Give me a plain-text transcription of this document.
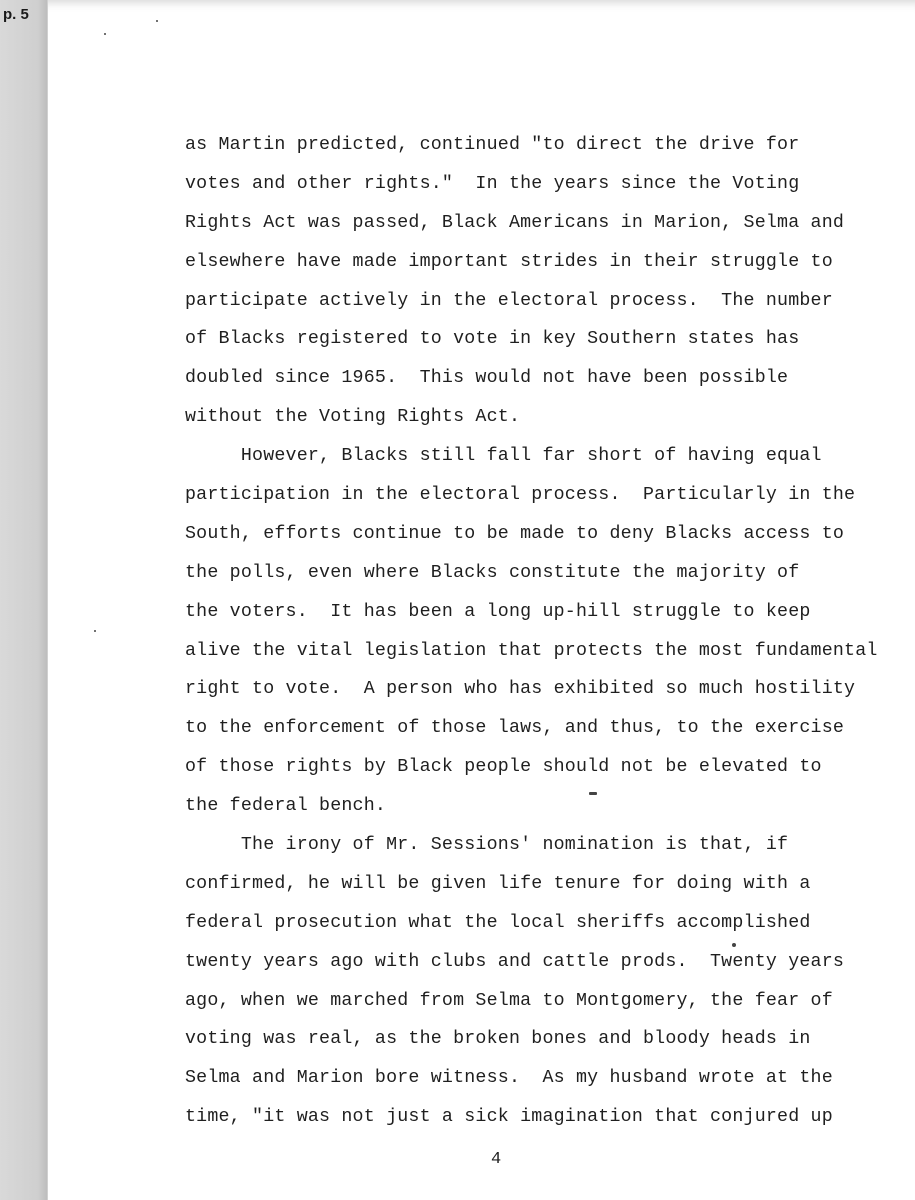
p. 5
as Martin predicted, continued "to direct the drive for
votes and other rights."  In the years since the Voting
Rights Act was passed, Black Americans in Marion, Selma and
elsewhere have made important strides in their struggle to
participate actively in the electoral process.  The number
of Blacks registered to vote in key Southern states has
doubled since 1965.  This would not have been possible
without the Voting Rights Act.
However, Blacks still fall far short of having equal
participation in the electoral process.  Particularly in the
South, efforts continue to be made to deny Blacks access to
the polls, even where Blacks constitute the majority of
the voters.  It has been a long up-hill struggle to keep
alive the vital legislation that protects the most fundamental
right to vote.  A person who has exhibited so much hostility
to the enforcement of those laws, and thus, to the exercise
of those rights by Black people should not be elevated to
the federal bench.
The irony of Mr. Sessions' nomination is that, if
confirmed, he will be given life tenure for doing with a
federal prosecution what the local sheriffs accomplished
twenty years ago with clubs and cattle prods.  Twenty years
ago, when we marched from Selma to Montgomery, the fear of
voting was real, as the broken bones and bloody heads in
Selma and Marion bore witness.  As my husband wrote at the
time, "it was not just a sick imagination that conjured up
4
